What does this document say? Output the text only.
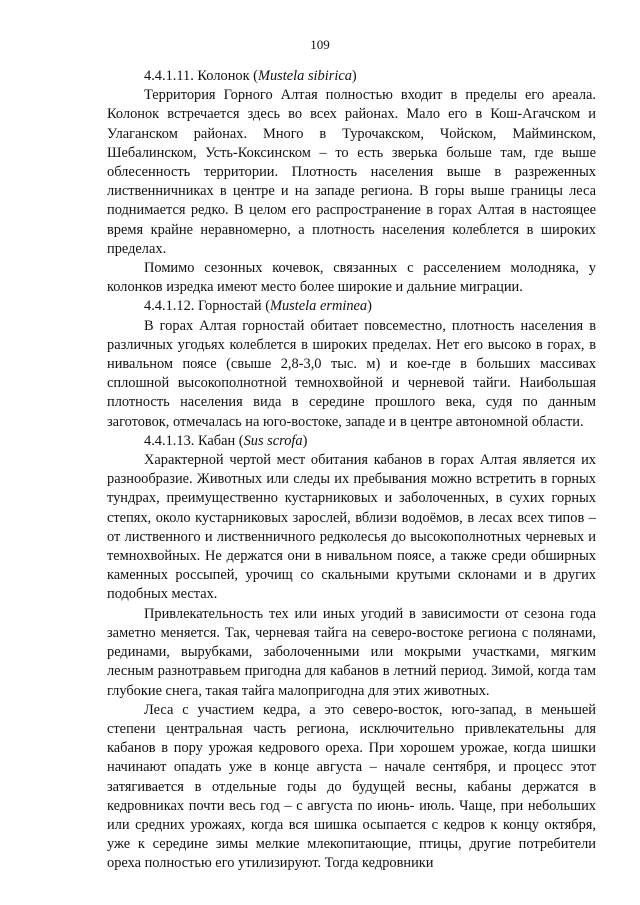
109

4.4.1.11. Колонок (Mustela sibirica)

Территория Горного Алтая полностью входит в пределы его ареала. Колонок встречается здесь во всех районах. Мало его в Кош-Агачском и Улаганском районах. Много в Турочакском, Чойском, Майминском, Шебалинском, Усть-Коксинском – то есть зверька больше там, где выше облесенность территории. Плотность населения выше в разреженных лиственничниках в центре и на западе региона. В горы выше границы леса поднимается редко. В целом его распространение в горах Алтая в настоящее время крайне неравномерно, а плотность населения колеблется в широких пределах.

Помимо сезонных кочевок, связанных с расселением молодняка, у колонков изредка имеют место более широкие и дальние миграции.

4.4.1.12. Горностай (Mustela erminea)

В горах Алтая горностай обитает повсеместно, плотность населения в различных угодьях колеблется в широких пределах. Нет его высоко в горах, в нивальном поясе (свыше 2,8-3,0 тыс. м) и кое-где в больших массивах сплошной высокополнотной темнохвойной и черневой тайги. Наибольшая плотность населения вида в середине прошлого века, судя по данным заготовок, отмечалась на юго-востоке, западе и в центре автономной области.

4.4.1.13. Кабан (Sus scrofa)

Характерной чертой мест обитания кабанов в горах Алтая является их разнообразие. Животных или следы их пребывания можно встретить в горных тундрах, преимущественно кустарниковых и заболоченных, в сухих горных степях, около кустарниковых зарослей, вблизи водоёмов, в лесах всех типов – от лиственного и лиственничного редколесья до высокополнотных черневых и темнохвойных. Не держатся они в нивальном поясе, а также среди обширных каменных россыпей, урочищ со скальными крутыми склонами и в других подобных местах.

Привлекательность тех или иных угодий в зависимости от сезона года заметно меняется. Так, черневая тайга на северо-востоке региона с полянами, рединами, вырубками, заболоченными или мокрыми участками, мягким лесным разнотравьем пригодна для кабанов в летний период. Зимой, когда там глубокие снега, такая тайга малопригодна для этих животных.

Леса с участием кедра, а это северо-восток, юго-запад, в меньшей степени центральная часть региона, исключительно привлекательны для кабанов в пору урожая кедрового ореха. При хорошем урожае, когда шишки начинают опадать уже в конце августа – начале сентября, и процесс этот затягивается в отдельные годы до будущей весны, кабаны держатся в кедровниках почти весь год – с августа по июнь- июль. Чаще, при небольших или средних урожаях, когда вся шишка осыпается с кедров к концу октября, уже к середине зимы мелкие млекопитающие, птицы, другие потребители ореха полностью его утилизируют. Тогда кедровники
